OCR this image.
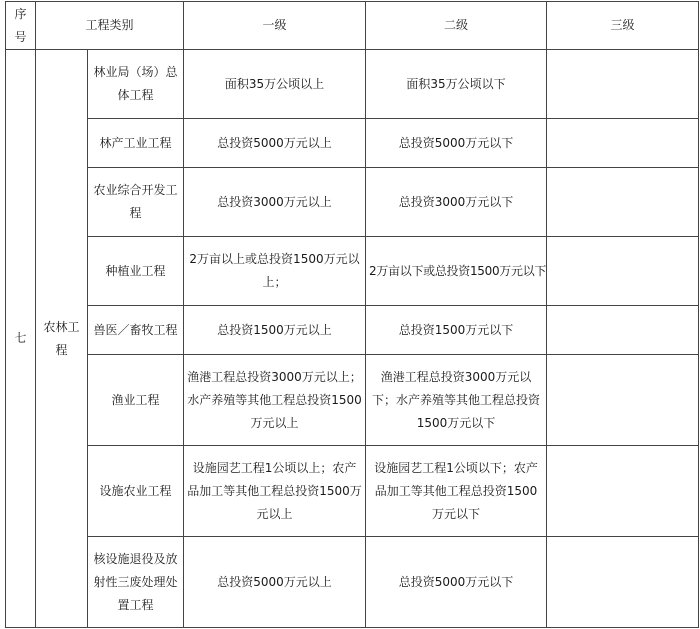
序号	工程类别		一级	二级	三级
七	农林工程	林业局（场）总体工程	面积35万公顷以上	面积35万公顷以下	
		林产工业工程	总投资5000万元以上	总投资5000万元以下	
		农业综合开发工程	总投资3000万元以上	总投资3000万元以下	
		种植业工程	2万亩以上或总投资1500万元以上；	2万亩以下或总投资1500万元以下	
		兽医／畜牧工程	总投资1500万元以上	总投资1500万元以下	
		渔业工程	渔港工程总投资3000万元以上；水产养殖等其他工程总投资1500万元以上	渔港工程总投资3000万元以下；水产养殖等其他工程总投资1500万元以下	
		设施农业工程	设施园艺工程1公顷以上；农产品加工等其他工程总投资1500万元以上	设施园艺工程1公顷以下；农产品加工等其他工程总投资1500万元以下	
		核设施退役及放射性三废处理处置工程	总投资5000万元以上	总投资5000万元以下	
